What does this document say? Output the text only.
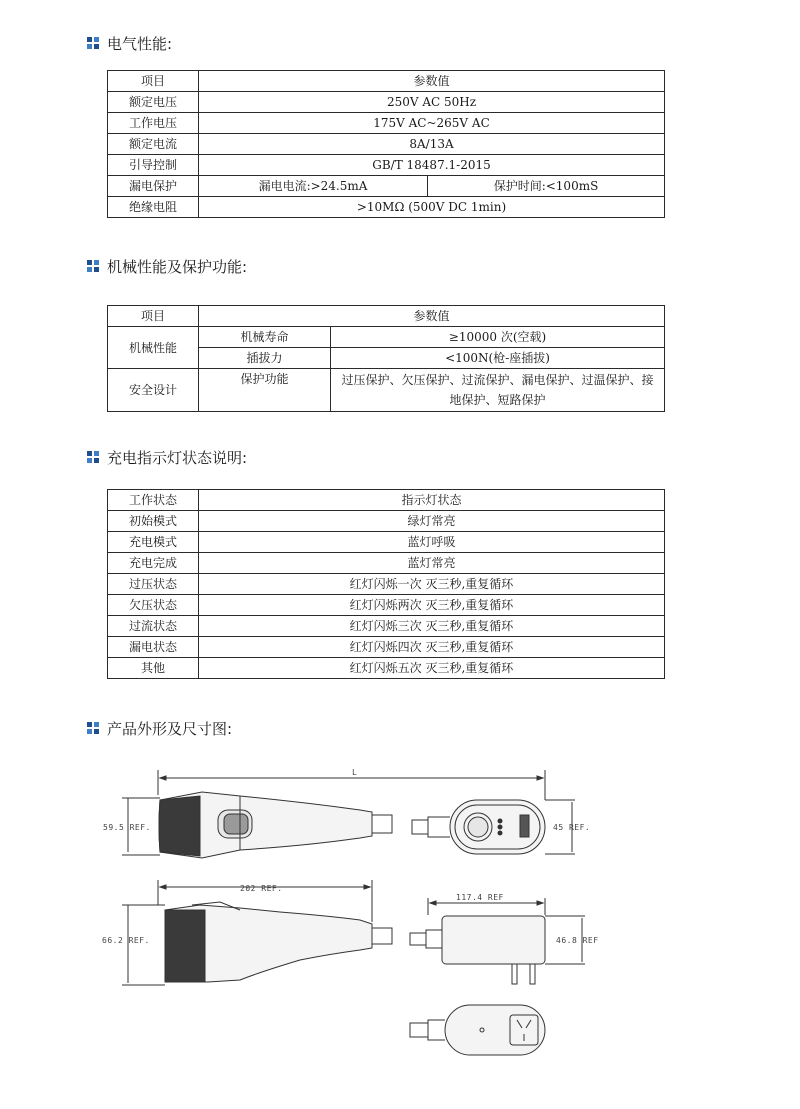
电气性能:
项目	参数值	
额定电压	250V AC 50Hz	
工作电压	175V AC~265V AC	
额定电流	8A/13A	
引导控制	GB/T 18487.1-2015	
漏电保护	漏电电流:>24.5mA	保护时间:<100mS
绝缘电阻	>10MΩ (500V DC 1min)	
机械性能及保护功能:
项目	参数值	
机械性能	机械寿命	≥10000 次(空载)
	插拔力	<100N(枪-座插拔)
安全设计	保护功能	过压保护、欠压保护、过流保护、漏电保护、过温保护、接地保护、短路保护
充电指示灯状态说明:
工作状态	指示灯状态
初始模式	绿灯常亮
充电模式	蓝灯呼吸
充电完成	蓝灯常亮
过压状态	红灯闪烁一次 灭三秒,重复循环
欠压状态	红灯闪烁两次 灭三秒,重复循环
过流状态	红灯闪烁三次 灭三秒,重复循环
漏电状态	红灯闪烁四次 灭三秒,重复循环
其他	红灯闪烁五次 灭三秒,重复循环
产品外形及尺寸图:
L
59.5 REF.	45 REF.
202 REF.
66.2 REF.
117.4 REF
46.8 REF
